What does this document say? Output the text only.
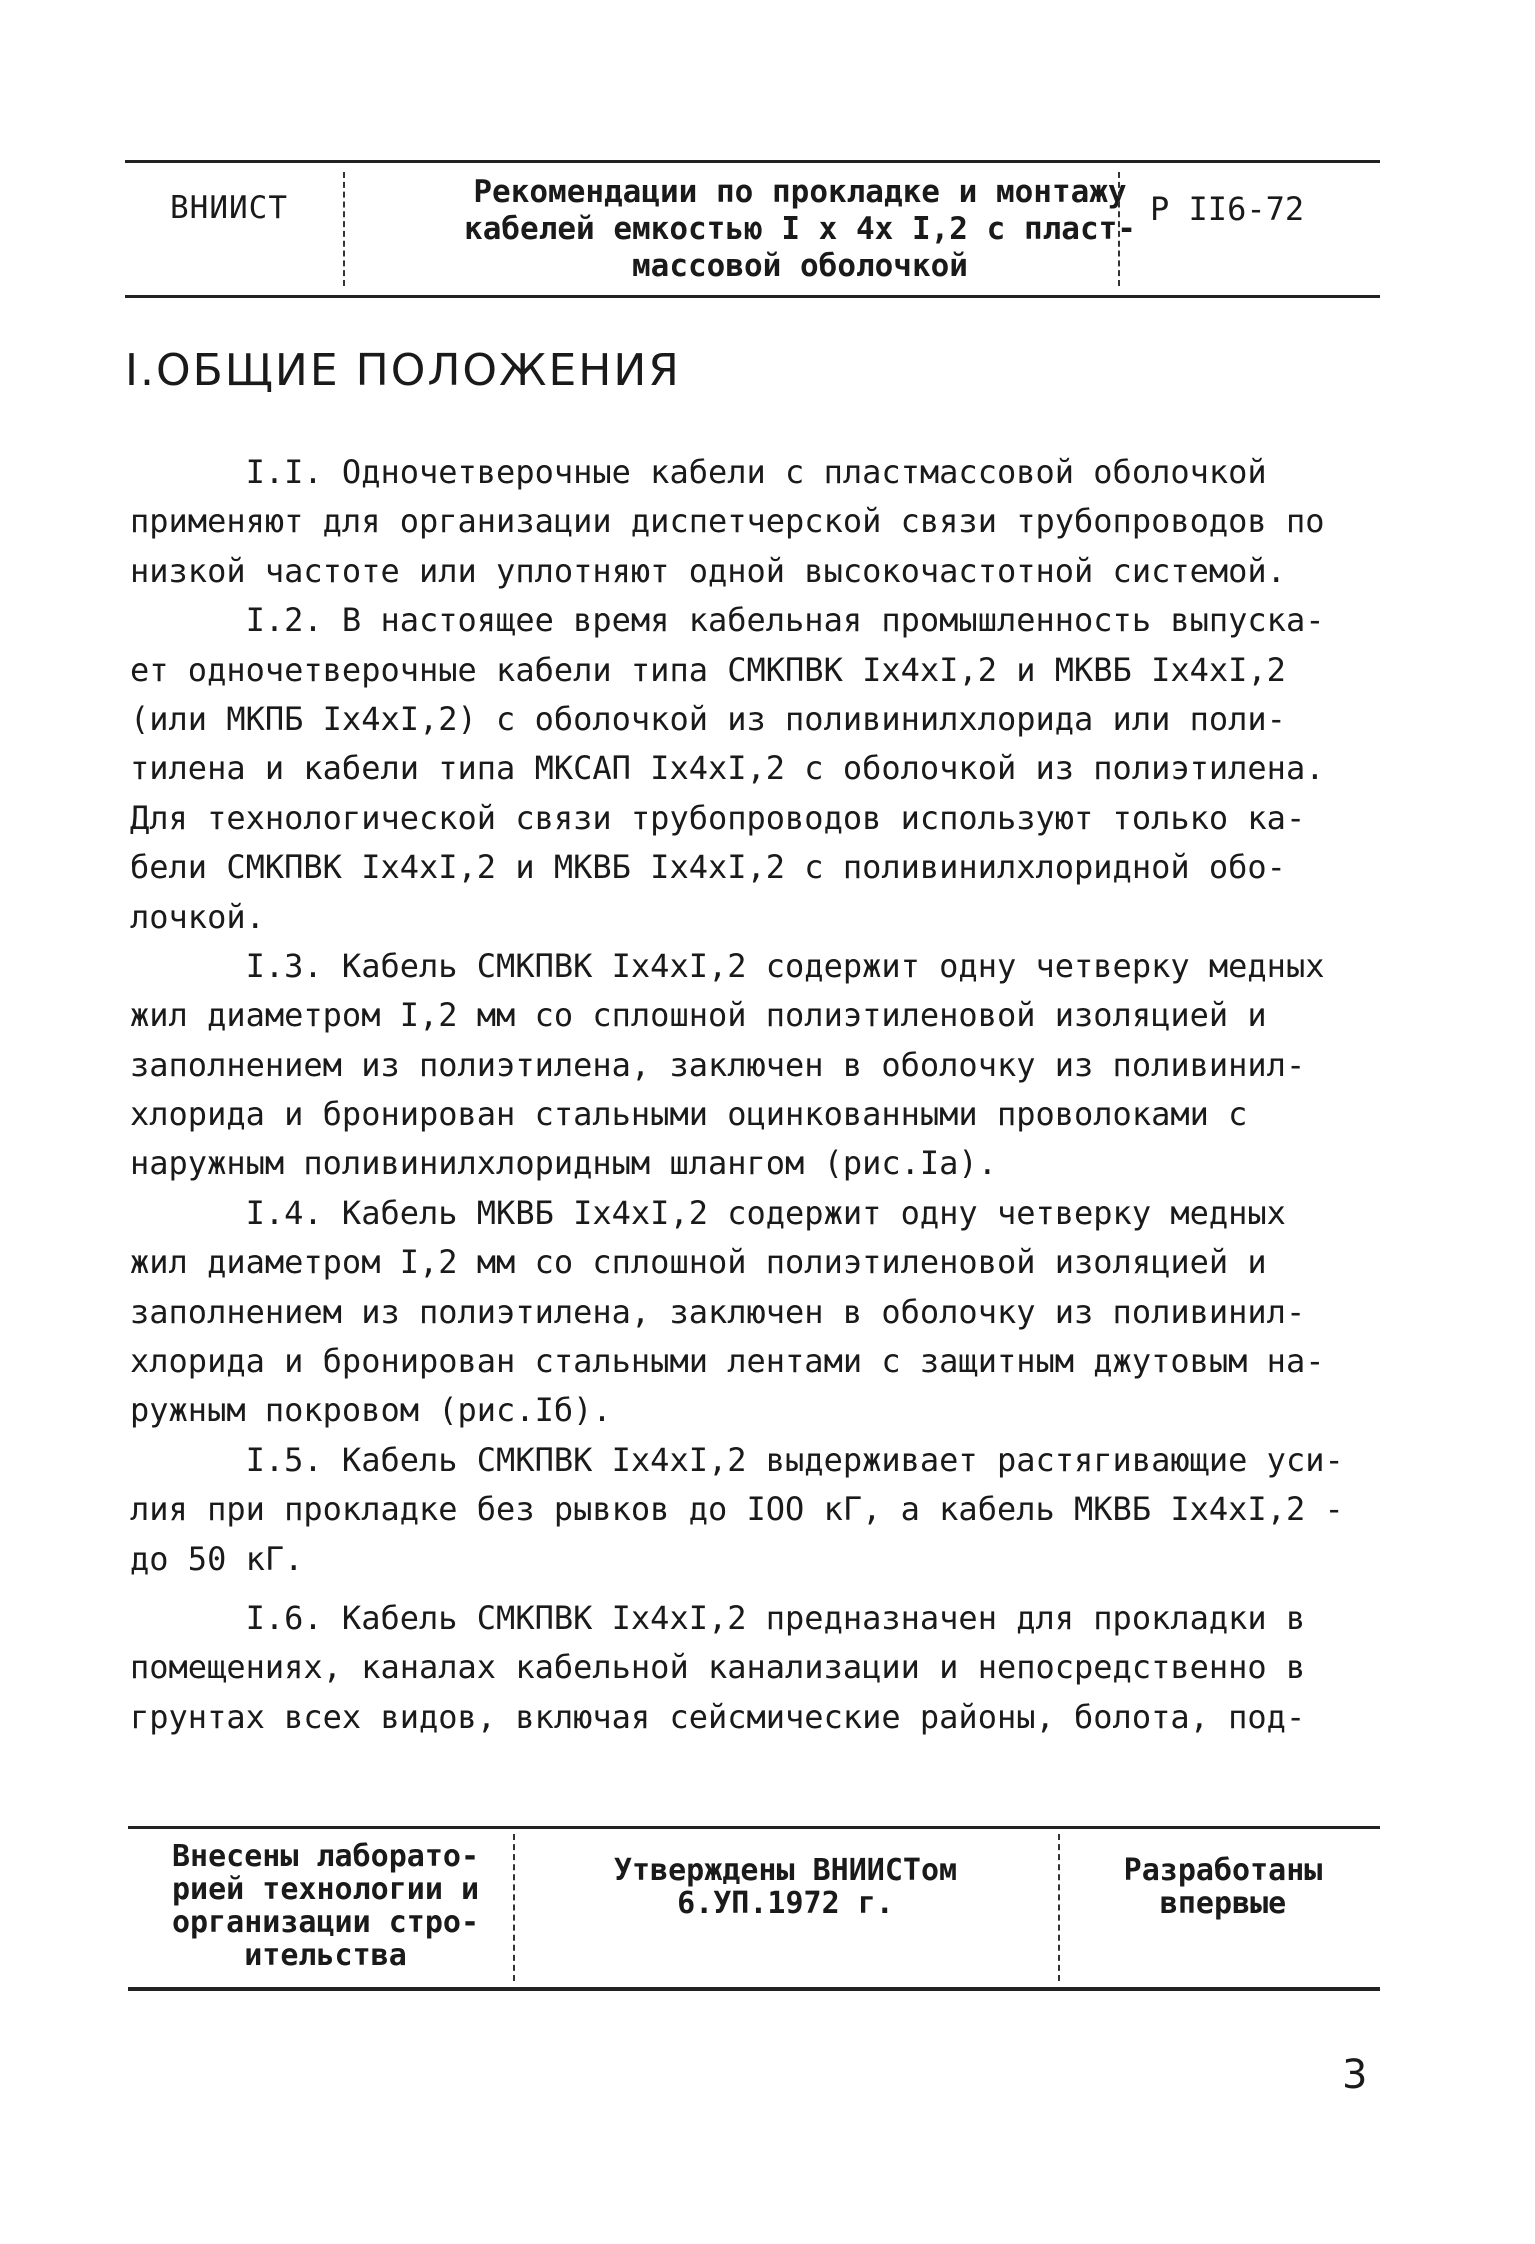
ВНИИСТ	Рекомендации по прокладке и монтажу
кабелей емкостью I х 4х I,2 с пласт-
массовой оболочкой
Р II6-72
I.ОБЩИЕ ПОЛОЖЕНИЯ
I.I. Одночетверочные кабели с пластмассовой оболочкой
применяют для организации диспетчерской связи трубопроводов по
низкой частоте или уплотняют одной высокочастотной системой.
I.2. В настоящее время кабельная промышленность выпуска-
ет одночетверочные кабели типа СМКПВК Iх4хI,2 и МКВБ Iх4хI,2
(или МКПБ Iх4хI,2) с оболочкой из поливинилхлорида или поли-
тилена и кабели типа МКСАП Iх4хI,2 с оболочкой из полиэтилена.
Для технологической связи трубопроводов используют только ка-
бели СМКПВК Iх4хI,2 и МКВБ Iх4хI,2 с поливинилхлоридной обо-
лочкой.
I.3. Кабель СМКПВК Iх4хI,2 содержит одну четверку медных
жил диаметром I,2 мм со сплошной полиэтиленовой изоляцией и
заполнением из полиэтилена, заключен в оболочку из поливинил-
хлорида и бронирован стальными оцинкованными проволоками с
наружным поливинилхлоридным шлангом (рис.Iа).
I.4. Кабель МКВБ Iх4хI,2 содержит одну четверку медных
жил диаметром I,2 мм со сплошной полиэтиленовой изоляцией и
заполнением из полиэтилена, заключен в оболочку из поливинил-
хлорида и бронирован стальными лентами с защитным джутовым на-
ружным покровом (рис.Iб).
I.5. Кабель СМКПВК Iх4хI,2 выдерживает растягивающие уси-
лия при прокладке без рывков до IОО кГ, а кабель МКВБ Iх4хI,2 -
до 50 кГ.
I.6. Кабель СМКПВК Iх4хI,2 предназначен для прокладки в
помещениях, каналах кабельной канализации и непосредственно в
грунтах всех видов, включая сейсмические районы, болота, под-
Внесены лаборато-
рией технологии и
организации стро-
ительства
Утверждены ВНИИСТом
6.УП.1972 г.
Разработаны
впервые
3
